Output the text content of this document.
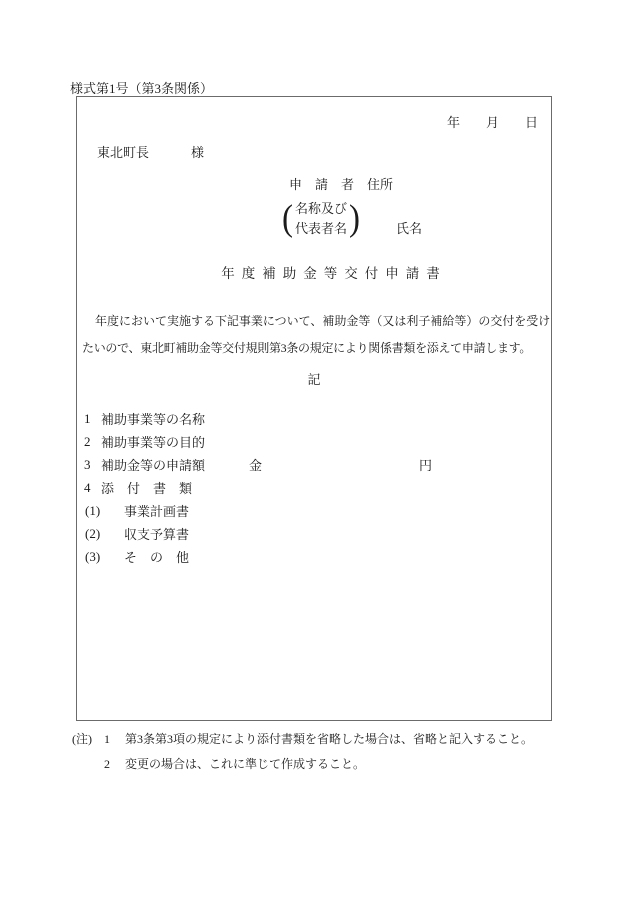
様式第1号（第3条関係）
年　　月　　日
東北町長	様
申　請　者　住所
( 名称及び
代表者名 )	氏名
年度補助金等交付申請書
年度において実施する下記事業について、補助金等（又は利子補給等）の交付を受けたいので、東北町補助金等交付規則第3条の規定により関係書類を添えて申請します。
記
1 補助事業等の名称
2 補助事業等の目的
3 補助金等の申請額	金	円
4 添　付　書　類
(1)	事業計画書
(2)	収支予算書
(3)	そ　の　他
(注)	1	第3条第3項の規定により添付書類を省略した場合は、省略と記入すること。
2	変更の場合は、これに準じて作成すること。
